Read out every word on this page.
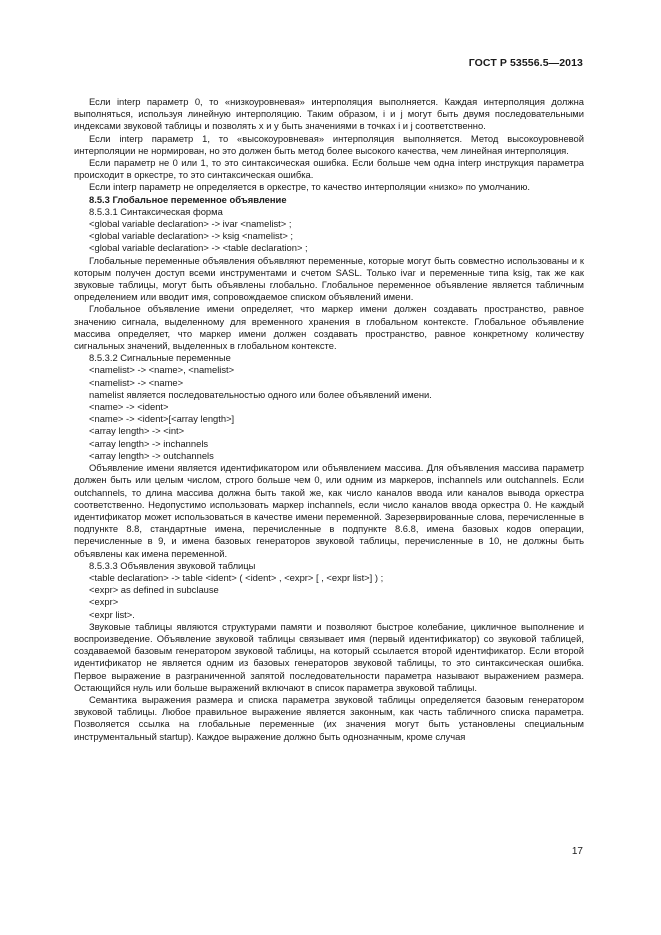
ГОСТ Р 53556.5—2013

Если interp параметр 0, то «низкоуровневая» интерполяция выполняется. Каждая интерполяция должна выполняться, используя линейную интерполяцию. Таким образом, i и j могут быть двумя последовательными индексами звуковой таблицы и позволять x и y быть значениями в точках i и j соответственно.

Если interp параметр 1, то «высокоуровневая» интерполяция выполняется. Метод высокоуровневой интерполяции не нормирован, но это должен быть метод более высокого качества, чем линейная интерполяция.

Если параметр не 0 или 1, то это синтаксическая ошибка. Если больше чем одна interp инструкция параметра происходит в оркестре, то это синтаксическая ошибка.

Если interp параметр не определяется в оркестре, то качество интерполяции «низко» по умолчанию.

8.5.3 Глобальное переменное объявление

8.5.3.1 Синтаксическая форма

<global variable declaration> -> ivar <namelist> ;

<global variable declaration> -> ksig <namelist> ;

<global variable declaration> -> <table declaration> ;

Глобальные переменные объявления объявляют переменные, которые могут быть совместно использованы и к которым получен доступ всеми инструментами и счетом SASL. Только ivar и переменные типа ksig, так же как звуковые таблицы, могут быть объявлены глобально. Глобальное переменное объявление является табличным определением или вводит имя, сопровождаемое списком объявлений имени.

Глобальное объявление имени определяет, что маркер имени должен создавать пространство, равное значению сигнала, выделенному для временного хранения в глобальном контексте. Глобальное объявление массива определяет, что маркер имени должен создавать пространство, равное конкретному количеству сигнальных значений, выделенных в глобальном контексте.

8.5.3.2 Сигнальные переменные

<namelist> -> <name>, <namelist>

<namelist> -> <name>

namelist является последовательностью одного или более объявлений имени.

<name> -> <ident>

<name> -> <ident>[<array length>]

<array length> -> <int>

<array length> -> inchannels

<array length> -> outchannels

Объявление имени является идентификатором или объявлением массива. Для объявления массива параметр должен быть или целым числом, строго больше чем 0, или одним из маркеров, inchannels или outchannels. Если outchannels, то длина массива должна быть такой же, как число каналов ввода или каналов вывода оркестра соответственно. Недопустимо использовать маркер inchannels, если число каналов ввода оркестра 0. Не каждый идентификатор может использоваться в качестве имени переменной. Зарезервированные слова, перечисленные в подпункте 8.8, стандартные имена, перечисленные в подпункте 8.6.8, имена базовых кодов операции, перечисленные в 9, и имена базовых генераторов звуковой таблицы, перечисленные в 10, не должны быть объявлены как имена переменной.

8.5.3.3 Объявления звуковой таблицы

<table declaration> -> table <ident> ( <ident> , <expr> [ , <expr list>] ) ;

<expr> as defined in subclause

<expr>

<expr list>.

Звуковые таблицы являются структурами памяти и позволяют быстрое колебание, цикличное выполнение и воспроизведение. Объявление звуковой таблицы связывает имя (первый идентификатор) со звуковой таблицей, создаваемой базовым генератором звуковой таблицы, на который ссылается второй идентификатор. Если второй идентификатор не является одним из базовых генераторов звуковой таблицы, то это синтаксическая ошибка. Первое выражение в разграниченной запятой последовательности параметра называют выражением размера. Остающийся нуль или больше выражений включают в список параметра звуковой таблицы.

Семантика выражения размера и списка параметра звуковой таблицы определяется базовым генератором звуковой таблицы. Любое правильное выражение является законным, как часть табличного списка параметра. Позволяется ссылка на глобальные переменные (их значения могут быть установлены специальным инструментальный startup). Каждое выражение должно быть однозначным, кроме случая

17
